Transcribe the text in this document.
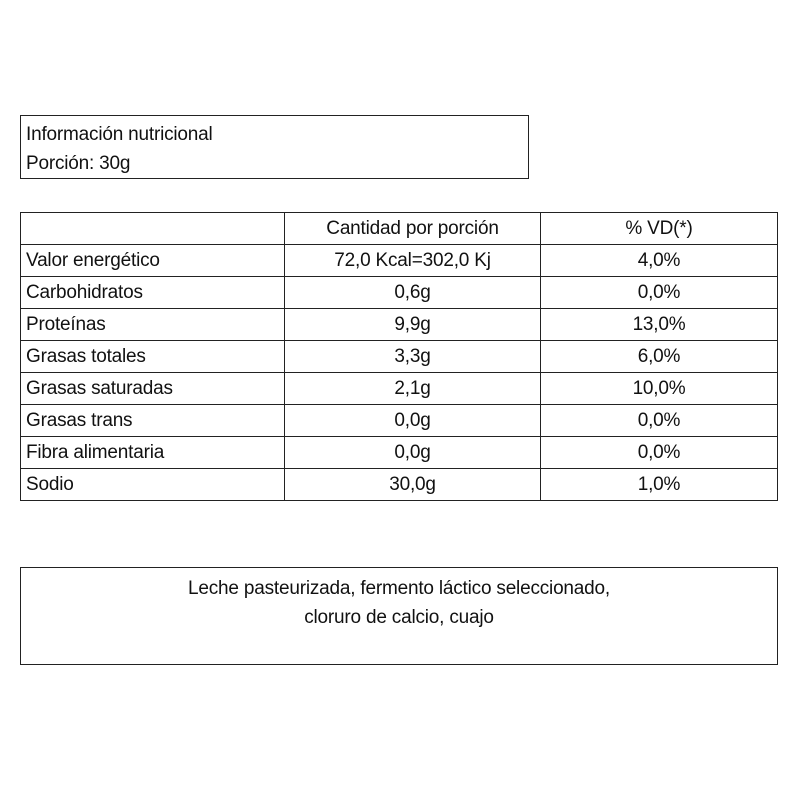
Información nutricional
Porción: 30g
	Cantidad por porción	% VD(*)
Valor energético	72,0 Kcal=302,0 Kj	4,0%
Carbohidratos	0,6g	0,0%
Proteínas	9,9g	13,0%
Grasas totales	3,3g	6,0%
Grasas saturadas	2,1g	10,0%
Grasas trans	0,0g	0,0%
Fibra alimentaria	0,0g	0,0%
Sodio	30,0g	1,0%
Leche pasteurizada, fermento láctico seleccionado,
cloruro de calcio, cuajo
